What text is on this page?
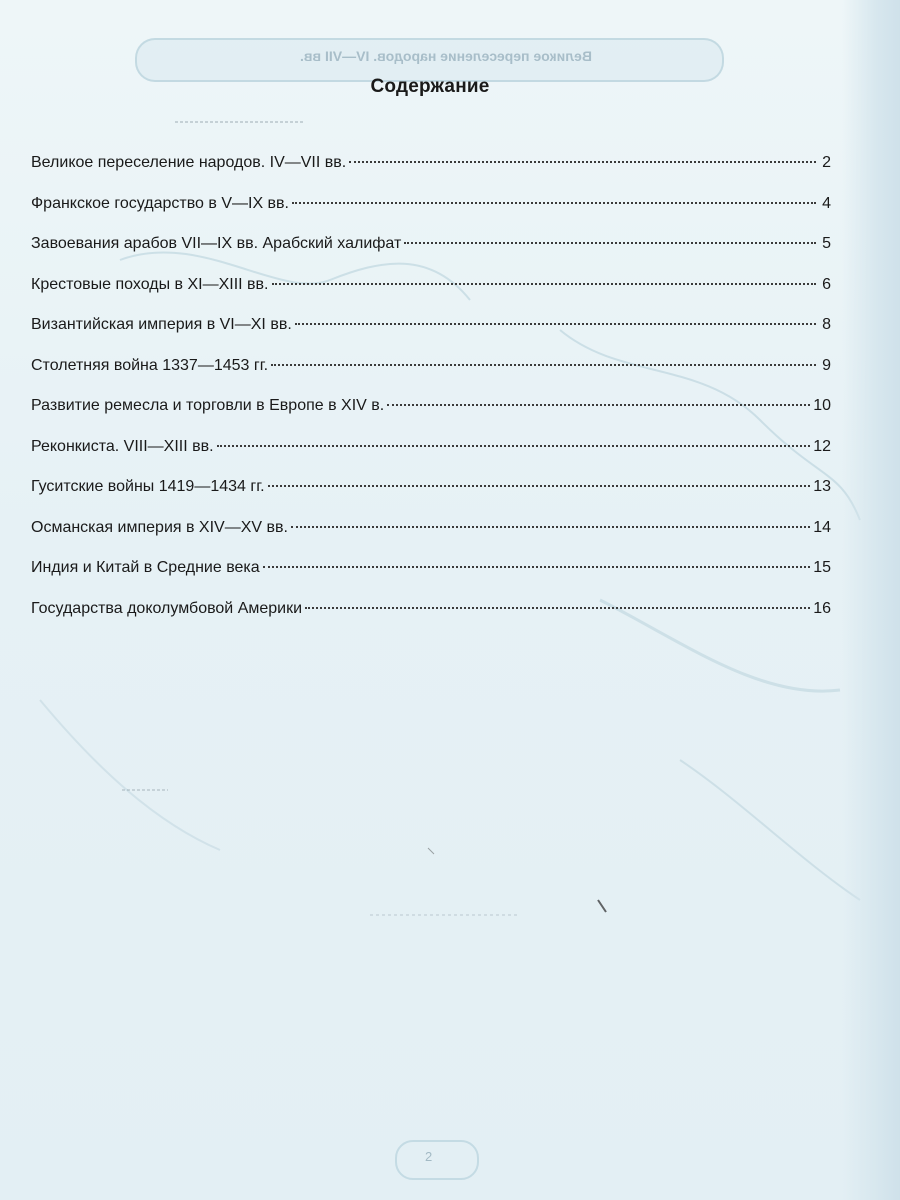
Великое переселение народов. IV—VII вв.
Содержание
Великое переселение народов. IV—VII вв.	2
Франкское государство в V—IX вв.	4
Завоевания арабов VII—IX вв. Арабский халифат	5
Крестовые походы в XI—XIII вв.	6
Византийская империя в VI—XI вв.	8
Столетняя война 1337—1453 гг.	9
Развитие ремесла и торговли в Европе в XIV в.	10
Реконкиста. VIII—XIII вв.	12
Гуситские войны 1419—1434 гг.	13
Османская империя в XIV—XV вв.	14
Индия и Китай в Средние века	15
Государства доколумбовой Америки	16
2
